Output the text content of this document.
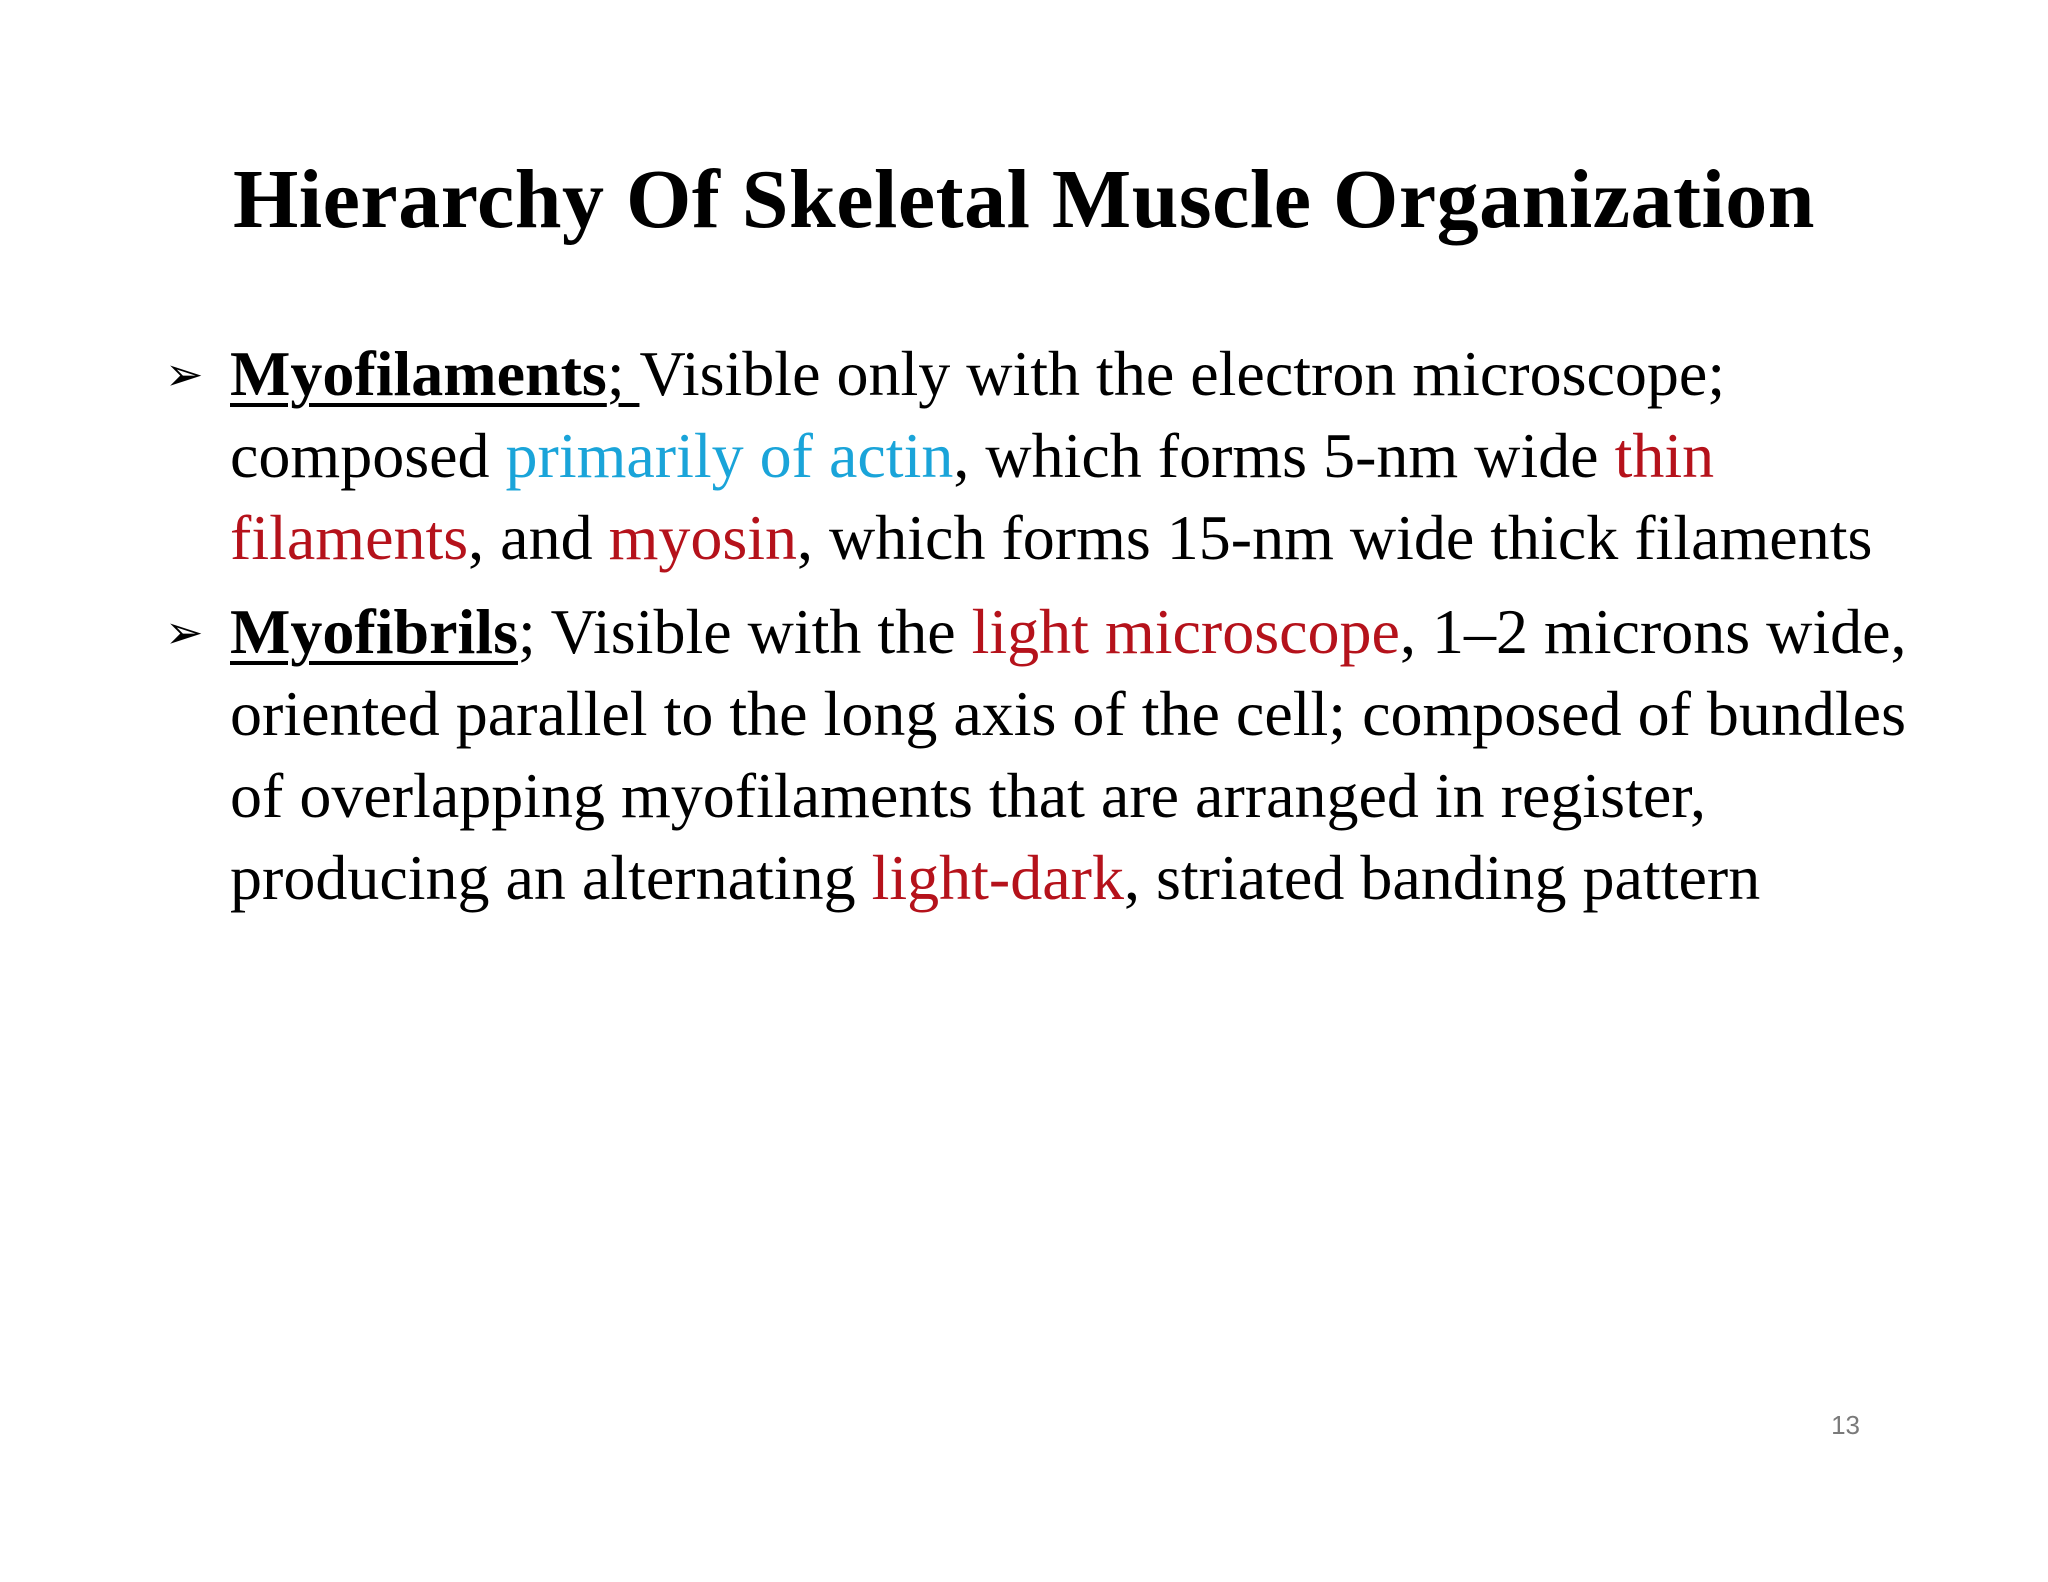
Hierarchy Of Skeletal Muscle Organization
➢ Myofilaments; Visible only with the electron microscope; composed primarily of actin, which forms 5-nm wide thin filaments, and myosin, which forms 15-nm wide thick filaments
➢ Myofibrils; Visible with the light microscope, 1–2 microns wide, oriented parallel to the long axis of the cell; composed of bundles of overlapping myofilaments that are arranged in register, producing an alternating light-dark, striated banding pattern
13
